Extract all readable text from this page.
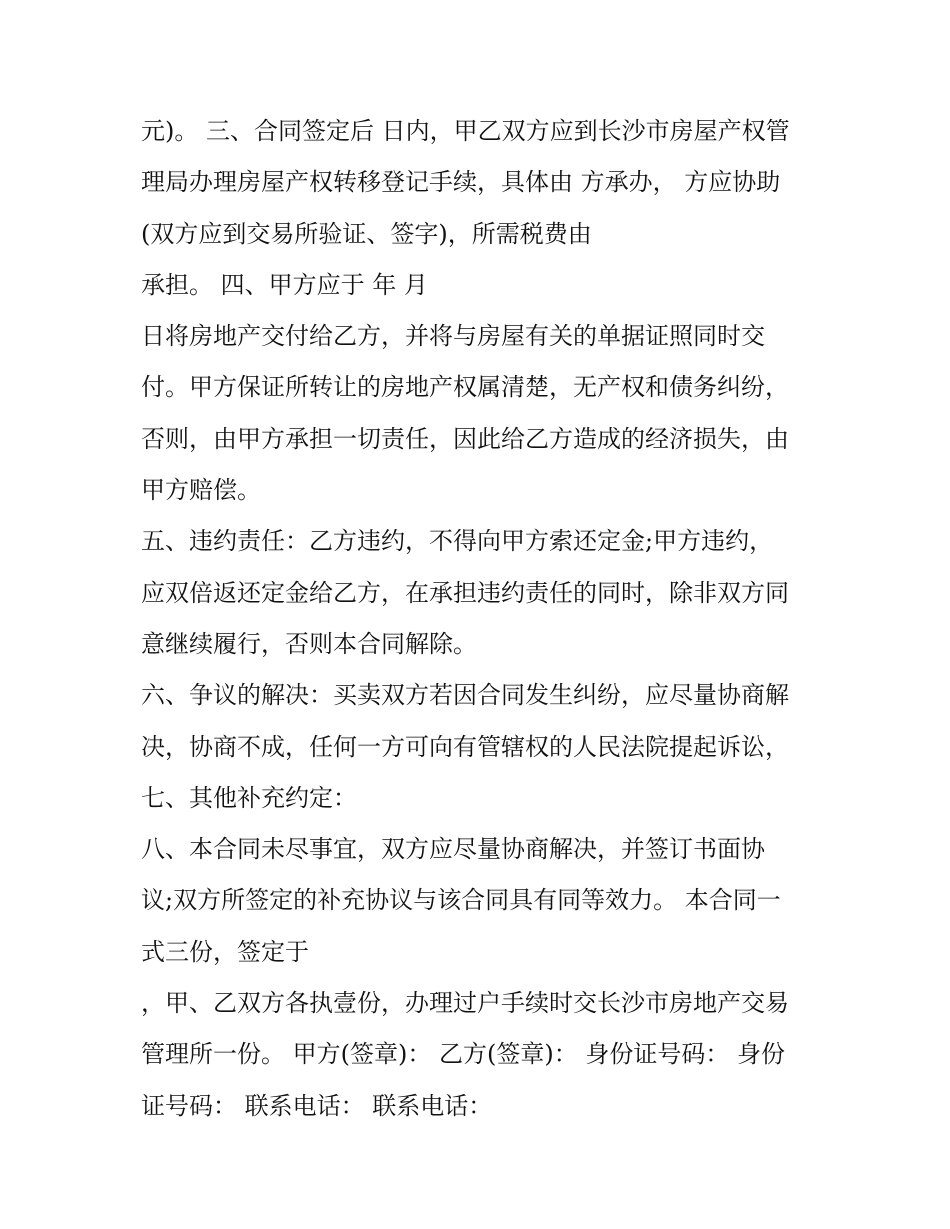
元)。 三、合同签定后 日内，甲乙双方应到长沙市房屋产权管
理局办理房屋产权转移登记手续，具体由 方承办， 方应协助
(双方应到交易所验证、签字)，所需税费由
承担。 四、甲方应于 年 月
日将房地产交付给乙方，并将与房屋有关的单据证照同时交
付。甲方保证所转让的房地产权属清楚，无产权和债务纠纷，
否则，由甲方承担一切责任，因此给乙方造成的经济损失，由
甲方赔偿。
五、违约责任：乙方违约，不得向甲方索还定金;甲方违约，
应双倍返还定金给乙方，在承担违约责任的同时，除非双方同
意继续履行，否则本合同解除。
六、争议的解决：买卖双方若因合同发生纠纷，应尽量协商解
决，协商不成，任何一方可向有管辖权的人民法院提起诉讼，
七、其他补充约定：
八、本合同未尽事宜，双方应尽量协商解决，并签订书面协
议;双方所签定的补充协议与该合同具有同等效力。 本合同一
式三份，签定于
，甲、乙双方各执壹份，办理过户手续时交长沙市房地产交易
管理所一份。 甲方(签章)： 乙方(签章)： 身份证号码： 身份
证号码： 联系电话： 联系电话：
